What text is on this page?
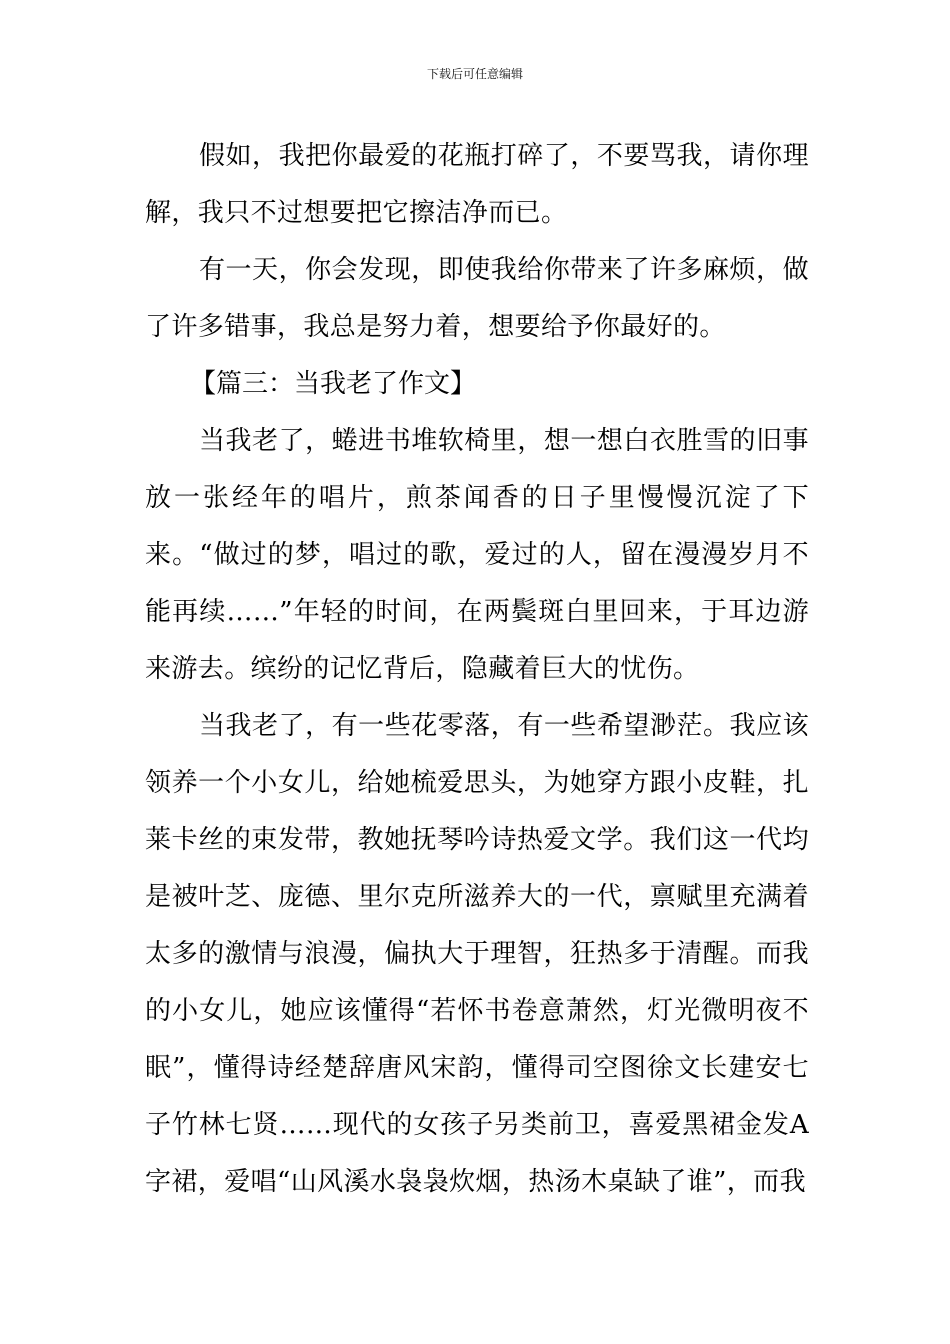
下载后可任意编辑

假如，我把你最爱的花瓶打碎了，不要骂我，请你理解，我只不过想要把它擦洁净而已。

有一天，你会发现，即使我给你带来了许多麻烦，做了许多错事，我总是努力着，想要给予你最好的。

【篇三：当我老了作文】

当我老了，蜷进书堆软椅里，想一想白衣胜雪的旧事放一张经年的唱片，煎茶闻香的日子里慢慢沉淀了下来。“做过的梦，唱过的歌，爱过的人，留在漫漫岁月不能再续……”年轻的时间，在两鬓斑白里回来，于耳边游来游去。缤纷的记忆背后，隐藏着巨大的忧伤。

当我老了，有一些花零落，有一些希望渺茫。我应该领养一个小女儿，给她梳爱思头，为她穿方跟小皮鞋，扎莱卡丝的束发带，教她抚琴吟诗热爱文学。我们这一代均是被叶芝、庞德、里尔克所滋养大的一代，禀赋里充满着太多的激情与浪漫，偏执大于理智，狂热多于清醒。而我的小女儿，她应该懂得“若怀书卷意萧然，灯光微明夜不眠”，懂得诗经楚辞唐风宋韵，懂得司空图徐文长建安七子竹林七贤……现代的女孩子另类前卫，喜爱黑裙金发A字裙，爱唱“山风溪水袅袅炊烟，热汤木桌缺了谁”，而我
